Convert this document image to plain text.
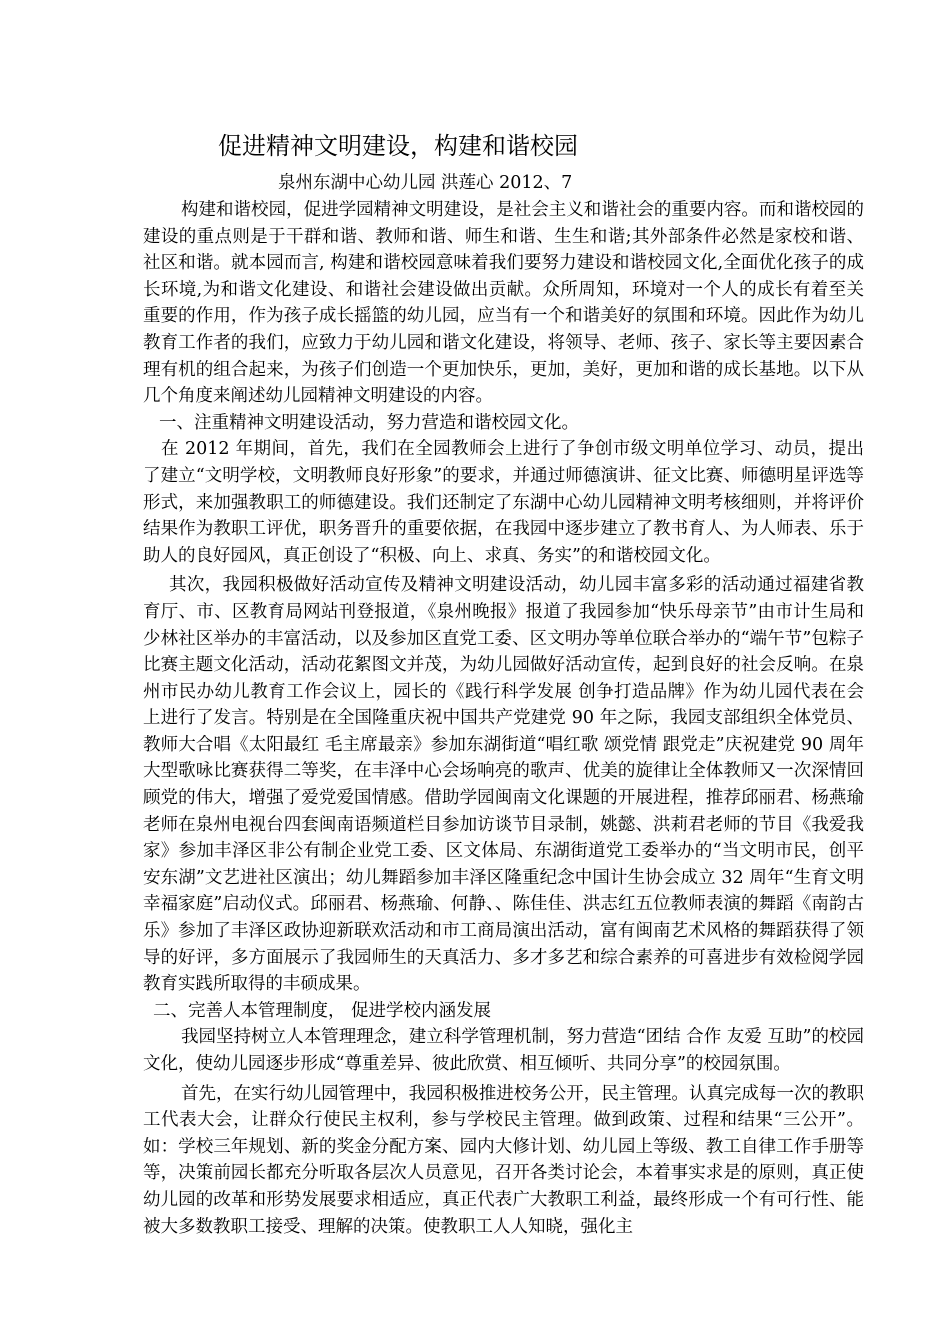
促进精神文明建设，构建和谐校园

泉州东湖中心幼儿园 洪莲心 2012、7

构建和谐校园，促进学园精神文明建设，是社会主义和谐社会的重要内容。而和谐校园的建设的重点则是于干群和谐、教师和谐、师生和谐、生生和谐;其外部条件必然是家校和谐、社区和谐。就本园而言, 构建和谐校园意味着我们要努力建设和谐校园文化,全面优化孩子的成长环境,为和谐文化建设、和谐社会建设做出贡献。众所周知，环境对一个人的成长有着至关重要的作用，作为孩子成长摇篮的幼儿园，应当有一个和谐美好的氛围和环境。因此作为幼儿教育工作者的我们，应致力于幼儿园和谐文化建设，将领导、老师、孩子、家长等主要因素合理有机的组合起来，为孩子们创造一个更加快乐，更加，美好，更加和谐的成长基地。以下从几个角度来阐述幼儿园精神文明建设的内容。

一、注重精神文明建设活动，努力营造和谐校园文化。

在 2012 年期间，首先，我们在全园教师会上进行了争创市级文明单位学习、动员，提出了建立“文明学校，文明教师良好形象”的要求，并通过师德演讲、征文比赛、师德明星评选等形式，来加强教职工的师德建设。我们还制定了东湖中心幼儿园精神文明考核细则，并将评价结果作为教职工评优，职务晋升的重要依据，在我园中逐步建立了教书育人、为人师表、乐于助人的良好园风，真正创设了“积极、向上、求真、务实”的和谐校园文化。

其次，我园积极做好活动宣传及精神文明建设活动，幼儿园丰富多彩的活动通过福建省教育厅、市、区教育局网站刊登报道，《泉州晚报》报道了我园参加“快乐母亲节”由市计生局和少林社区举办的丰富活动，以及参加区直党工委、区文明办等单位联合举办的“端午节”包粽子比赛主题文化活动，活动花絮图文并茂，为幼儿园做好活动宣传，起到良好的社会反响。在泉州市民办幼儿教育工作会议上，园长的《践行科学发展 创争打造品牌》作为幼儿园代表在会上进行了发言。特别是在全国隆重庆祝中国共产党建党 90 年之际，我园支部组织全体党员、教师大合唱《太阳最红 毛主席最亲》参加东湖街道“唱红歌 颂党情 跟党走”庆祝建党 90 周年大型歌咏比赛获得二等奖，在丰泽中心会场响亮的歌声、优美的旋律让全体教师又一次深情回顾党的伟大，增强了爱党爱国情感。借助学园闽南文化课题的开展进程，推荐邱丽君、杨燕瑜老师在泉州电视台四套闽南语频道栏目参加访谈节目录制，姚懿、洪莉君老师的节目《我爱我家》参加丰泽区非公有制企业党工委、区文体局、东湖街道党工委举办的“当文明市民，创平安东湖”文艺进社区演出；幼儿舞蹈参加丰泽区隆重纪念中国计生协会成立 32 周年“生育文明 幸福家庭”启动仪式。邱丽君、杨燕瑜、何静、、陈佳佳、洪志红五位教师表演的舞蹈《南韵古乐》参加了丰泽区政协迎新联欢活动和市工商局演出活动，富有闽南艺术风格的舞蹈获得了领导的好评，多方面展示了我园师生的天真活力、多才多艺和综合素养的可喜进步有效检阅学园教育实践所取得的丰硕成果。

二、完善人本管理制度， 促进学校内涵发展

我园坚持树立人本管理理念，建立科学管理机制，努力营造“团结 合作 友爱 互助”的校园文化，使幼儿园逐步形成“尊重差异、彼此欣赏、相互倾听、共同分享”的校园氛围。

首先，在实行幼儿园管理中，我园积极推进校务公开，民主管理。认真完成每一次的教职工代表大会，让群众行使民主权利，参与学校民主管理。做到政策、过程和结果“三公开”。如：学校三年规划、新的奖金分配方案、园内大修计划、幼儿园上等级、教工自律工作手册等等，决策前园长都充分听取各层次人员意见，召开各类讨论会，本着事实求是的原则，真正使幼儿园的改革和形势发展要求相适应，真正代表广大教职工利益，最终形成一个有可行性、能被大多数教职工接受、理解的决策。使教职工人人知晓，强化主
